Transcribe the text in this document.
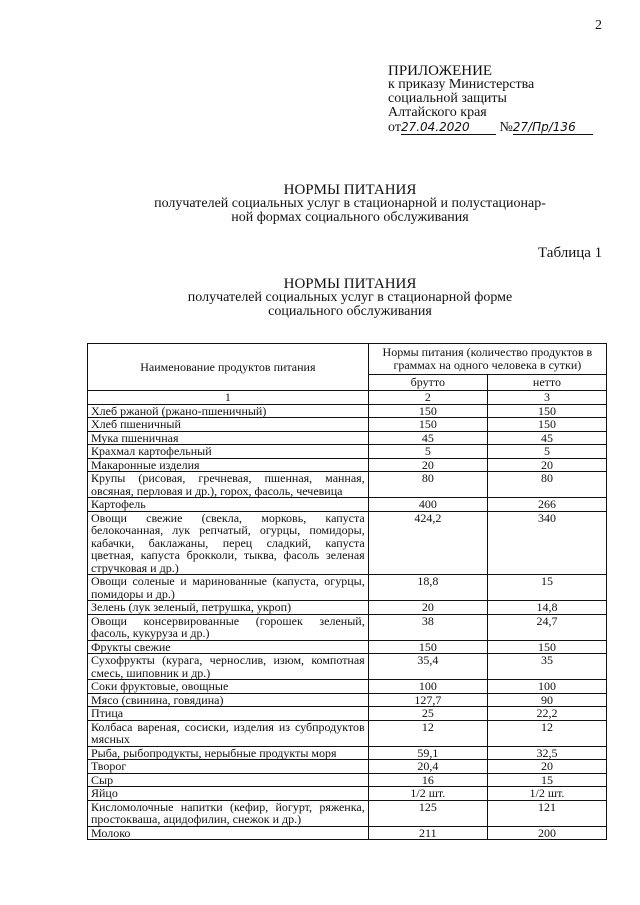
2
ПРИЛОЖЕНИЕ
к приказу Министерства
социальной защиты
Алтайского края
от27.04.2020 №27/Пр/136
НОРМЫ ПИТАНИЯ
получателей социальных услуг в стационарной и полустационар-
ной формах социального обслуживания
Таблица 1
НОРМЫ ПИТАНИЯ
получателей социальных услуг в стационарной форме
социального обслуживания
Наименование продуктов питания	Нормы питания (количество продуктов в граммах на одного человека в сутки)	
	брутто	нетто
1	2	3
Хлеб ржаной (ржано-пшеничный)	150	150
Хлеб пшеничный	150	150
Мука пшеничная	45	45
Крахмал картофельный	5	5
Макаронные изделия	20	20
Крупы (рисовая, гречневая, пшенная, манная, овсяная, перловая и др.), горох, фасоль, чечевица	80	80
Картофель	400	266
Овощи свежие (свекла, морковь, капуста белокочанная, лук репчатый, огурцы, помидоры, кабачки, баклажаны, перец сладкий, капуста цветная, капуста брокколи, тыква, фасоль зеленая стручковая и др.)	424,2	340
Овощи соленые и маринованные (капуста, огурцы, помидоры и др.)	18,8	15
Зелень (лук зеленый, петрушка, укроп)	20	14,8
Овощи консервированные (горошек зеленый, фасоль, кукуруза и др.)	38	24,7
Фрукты свежие	150	150
Сухофрукты (курага, чернослив, изюм, компотная смесь, шиповник и др.)	35,4	35
Соки фруктовые, овощные	100	100
Мясо (свинина, говядина)	127,7	90
Птица	25	22,2
Колбаса вареная, сосиски, изделия из субпродуктов мясных	12	12
Рыба, рыбопродукты, нерыбные продукты моря	59,1	32,5
Творог	20,4	20
Сыр	16	15
Яйцо	1/2 шт.	1/2 шт.
Кисломолочные напитки (кефир, йогурт, ряженка, простокваша, ацидофилин, снежок и др.)	125	121
Молоко	211	200
